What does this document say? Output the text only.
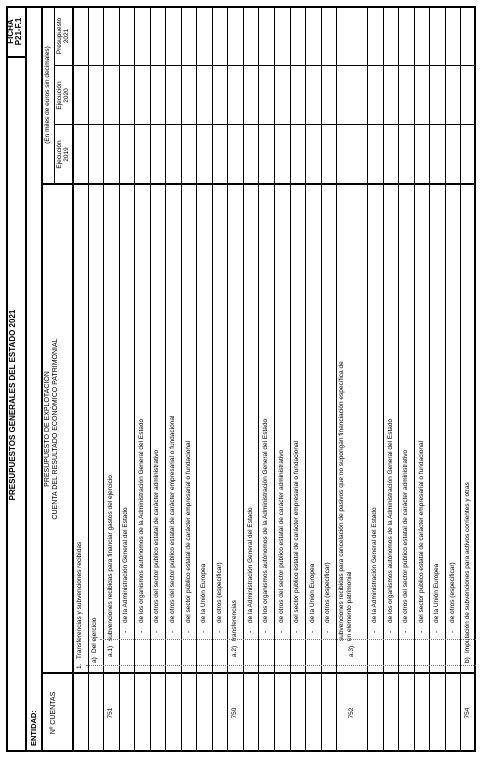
PRESUPUESTOS GENERALES DEL ESTADO 2021
FICHA P21-F.1
ENTIDAD: Nº CUENTAS
PRESUPUESTO DE EXPLOTACIÓN CUENTA DEL RESULTADO ECONÓMICO PATRIMONIAL
(En miles de euros sin decimales)
Ejecución 2019
Ejecución 2020
Presupuesto 2021
1.
Transferencias y subvenciones recibidas
a)
Del ejercicio
751
a.1)
subvenciones recibidas para financiar gastos del ejercicio -
de la Administración General del Estado
-
de los organismos autónomos de la Administración General del Estado
-
de otros del sector público estatal de carácter administrativo
-
de otros del sector público estatal de carácter empresarial o fundacional
-
del sector público estatal de carácter empresarial o fundacional
-
de la Unión Europea
-
de otros (especificar)
750
a.2)
transferencias -
de la Administración General del Estado
-
de los organismos autónomos de la Administración General del Estado
-
de otros del sector público estatal de carácter administrativo
-
del sector público estatal de carácter empresarial o fundacional
-
de la Unión Europea
-
de otros (especificar)
752
a.3)
subvenciones recibidas para cancelación de pasivos que no supongan financiación específica de un elemento patrimonial	-
de la Administración General del Estado
-
de los organismos autónomos de la Administración General del Estado
-
de otros del sector público estatal de carácter administrativo
-
del sector público estatal de carácter empresarial o fundacional
-
de la Unión Europea
-
de otros (especificar)
754
b)
Imputación de subvenciones para activos corrientes y otras
